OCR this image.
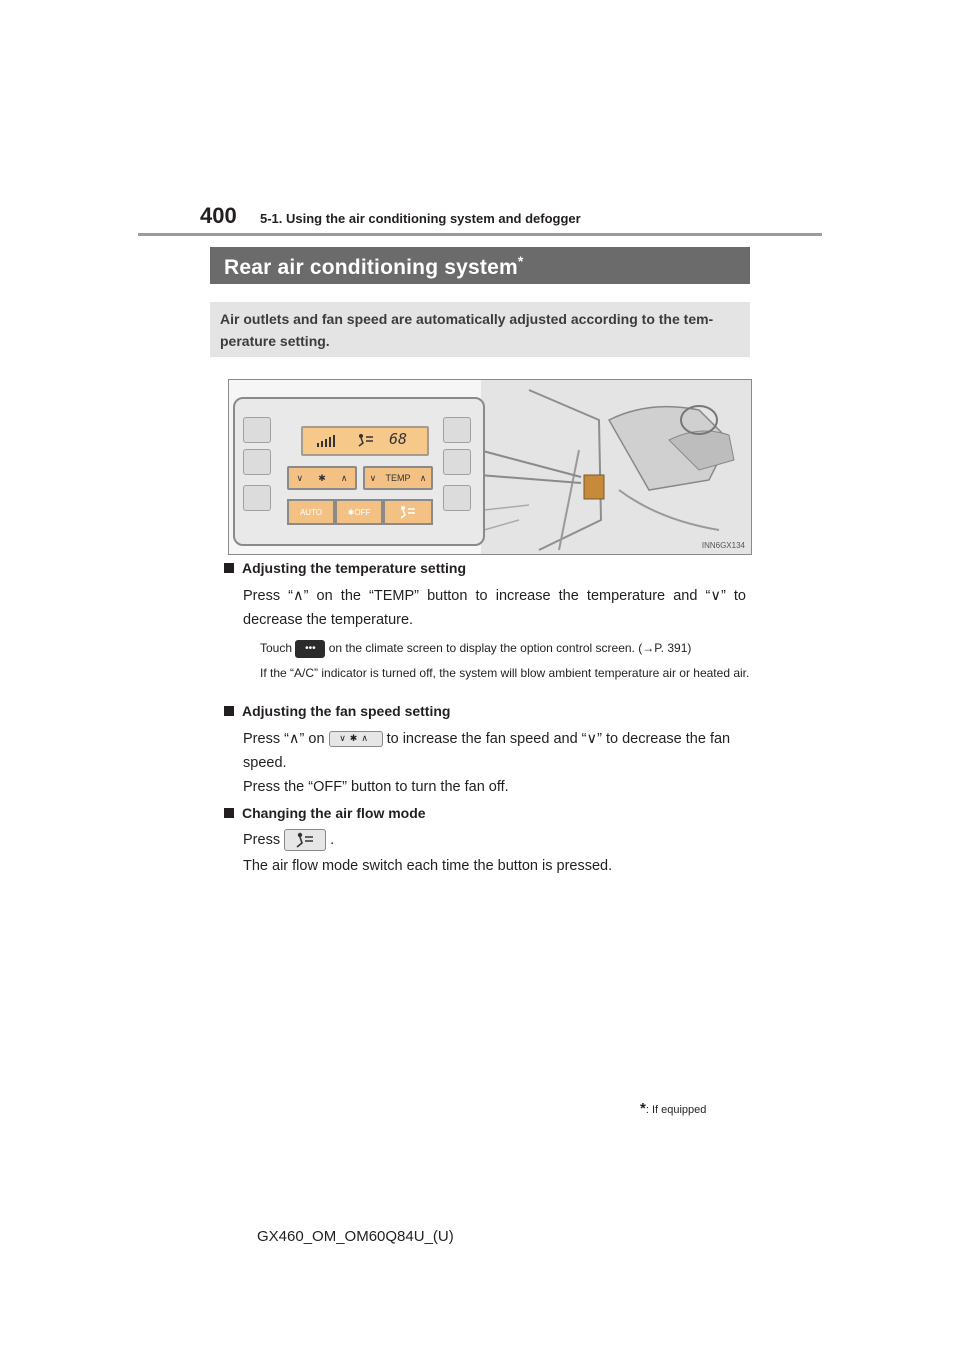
400 5-1. Using the air conditioning system and defogger
Rear air conditioning system*
Air outlets and fan speed are automatically adjusted according to the tem-perature setting.
68
∨ ✱ ∧ ∨ TEMP ∧
AUTO	✱ OFF
INN6GX134
Adjusting the temperature setting
Press “∧” on the “TEMP” button to increase the temperature and “∨” to decrease the temperature.
Touch ••• on the climate screen to display the option control screen. (→P. 391)
If the “A/C” indicator is turned off, the system will blow ambient temperature air or heated air.
Adjusting the fan speed setting
Press “∧” on ∨✱∧ to increase the fan speed and “∨” to decrease the fan speed.
Press the “OFF” button to turn the fan off.
Changing the air flow mode
Press	.
The air flow mode switch each time the button is pressed.
*: If equipped
GX460_OM_OM60Q84U_(U)
